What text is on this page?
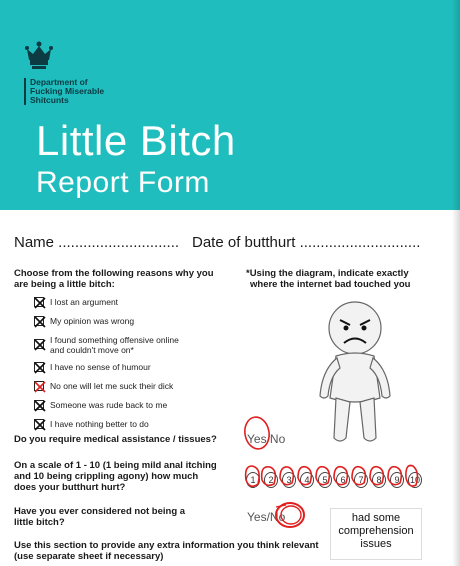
Department of
Fucking Miserable
Shitcunts
Little Bitch
Report Form
Name ............................. Date of butthurt .............................
Choose from the following reasons why you
are being a little bitch:
*Using the diagram, indicate exactly
where the internet bad touched you
I lost an argument
My opinion was wrong
I found something offensive online
and couldn't move on*
I have no sense of humour
No one will let me suck their dick
Someone was rude back to me
I have nothing better to do
Do you require medical assistance / tissues?	Yes/No
On a scale of 1 - 10 (1 being mild anal itching
and 10 being crippling agony) how much
does your butthurt hurt?
1	2	3	4	5	6	7	8	9	10
Have you ever considered not being a
little bitch?	Yes/No
Use this section to provide any extra information you think relevant
(use separate sheet if necessary)
had some
comprehension
issues
